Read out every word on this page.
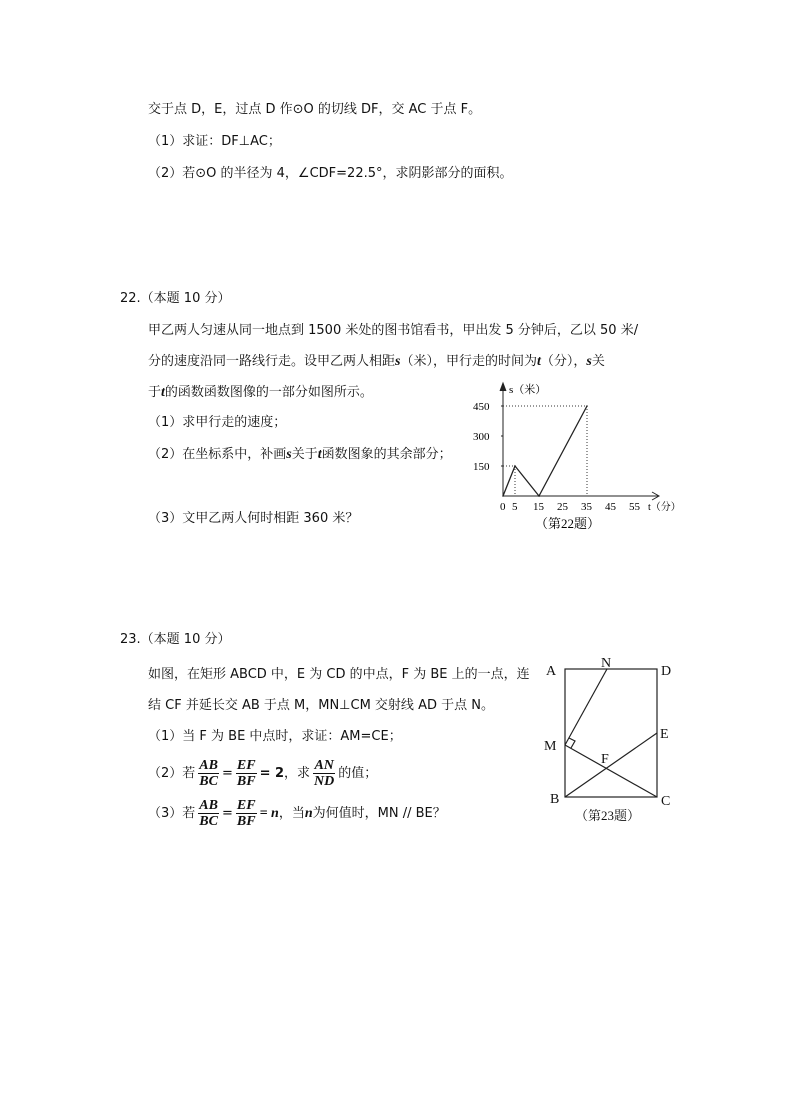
交于点 D，E，过点 D 作⊙O 的切线 DF，交 AC 于点 F。
（1）求证：DF⊥AC；
（2）若⊙O 的半径为 4，∠CDF=22.5°，求阴影部分的面积。
22.（本题 10 分）
甲乙两人匀速从同一地点到 1500 米处的图书馆看书，甲出发 5 分钟后，乙以 50 米/
分的速度沿同一路线行走。设甲乙两人相距s（米），甲行走的时间为t（分），s关
于t的函数函数图像的一部分如图所示。
（1）求甲行走的速度；
（2）在坐标系中，补画s关于t函数图象的其余部分；
（3）文甲乙两人何时相距 360 米？
s（米）
t（分）
0 5 15 25 35 45 55
150
300
450
（第22题）
23.（本题 10 分）
如图，在矩形 ABCD 中，E 为 CD 的中点，F 为 BE 上的一点，连
结 CF 并延长交 AB 于点 M，MN⊥CM 交射线 AD 于点 N。
（1）当 F 为 BE 中点时，求证：AM=CE；
（2）若 $\frac{AB}{BC} = \frac{EF}{BF} = 2$，求 $\frac{AN}{ND}$ 的值；
（3）若 $\frac{AB}{BC} = \frac{EF}{BF} = n$，当n为何值时，MN // BE？
A
N
D
E
M
F
B	C
（第23题）
